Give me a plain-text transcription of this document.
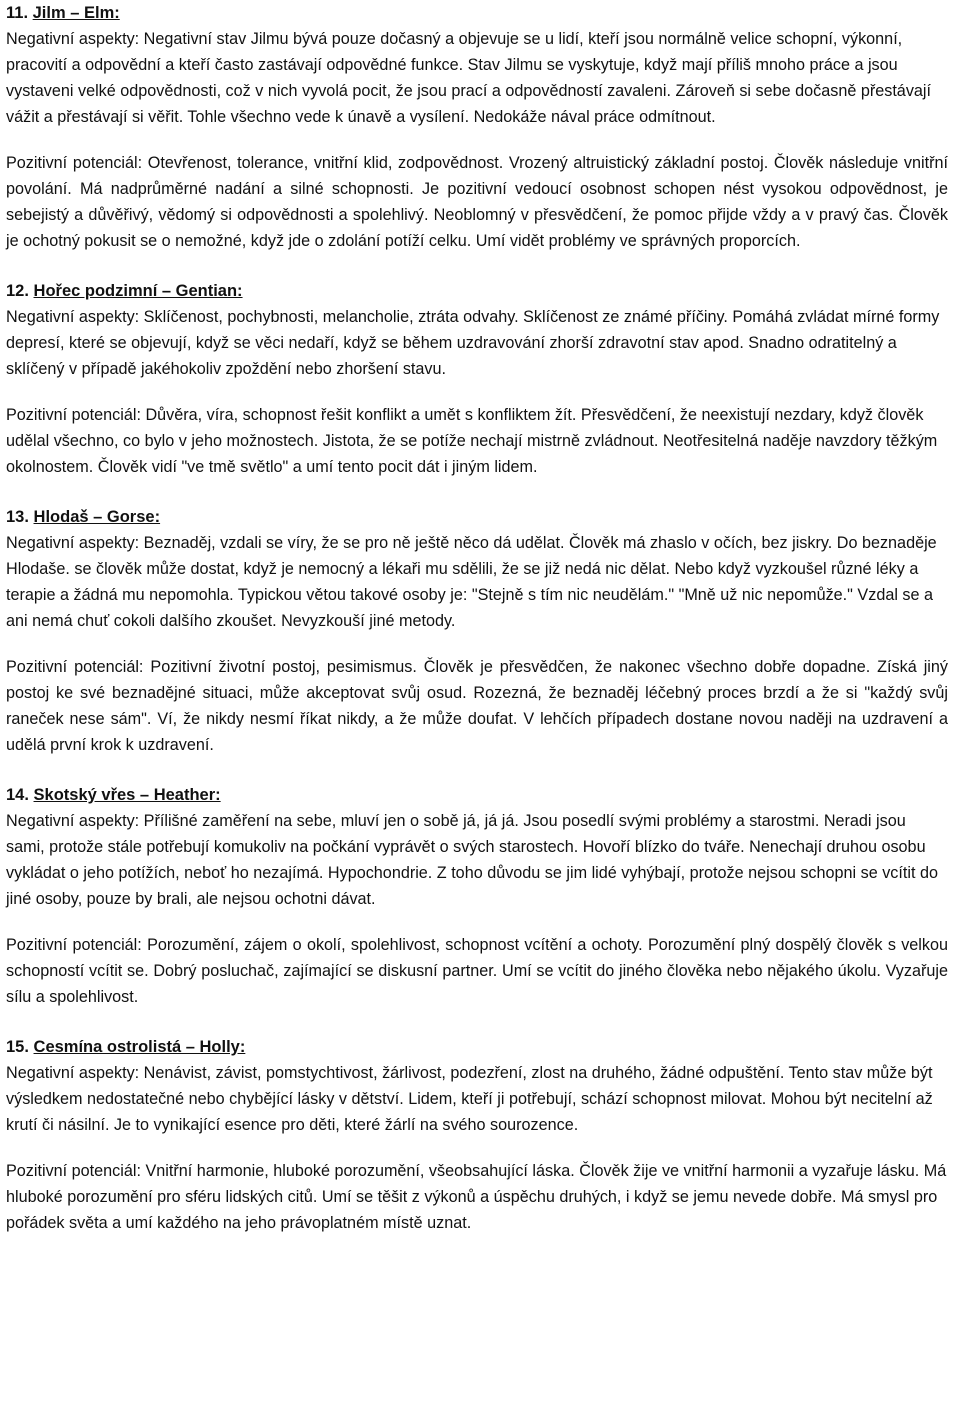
11. Jilm – Elm:

Negativní aspekty: Negativní stav Jilmu bývá pouze dočasný a objevuje se u lidí, kteří jsou normálně velice schopní, výkonní, pracovití a odpovědní a kteří často zastávají odpovědné funkce. Stav Jilmu se vyskytuje, když mají příliš mnoho práce a jsou vystaveni velké odpovědnosti, což v nich vyvolá pocit, že jsou prací a odpovědností zavaleni. Zároveň si sebe dočasně přestávají vážit a přestávají si věřit. Tohle všechno vede k únavě a vysílení. Nedokáže nával práce odmítnout.

Pozitivní potenciál: Otevřenost, tolerance, vnitřní klid, zodpovědnost. Vrozený altruistický základní postoj. Člověk následuje vnitřní povolání. Má nadprůměrné nadání a silné schopnosti. Je pozitivní vedoucí osobnost schopen nést vysokou odpovědnost, je sebejistý a důvěřivý, vědomý si odpovědnosti a spolehlivý. Neoblomný v přesvědčení, že pomoc přijde vždy a v pravý čas. Člověk je ochotný pokusit se o nemožné, když jde o zdolání potíží celku. Umí vidět problémy ve správných proporcích.

12. Hořec podzimní – Gentian:

Negativní aspekty: Sklíčenost, pochybnosti, melancholie, ztráta odvahy. Sklíčenost ze známé příčiny. Pomáhá zvládat mírné formy depresí, které se objevují, když se věci nedaří, když se během uzdravování zhorší zdravotní stav apod. Snadno odratitelný a sklíčený v případě jakéhokoliv zpoždění nebo zhoršení stavu.

Pozitivní potenciál: Důvěra, víra, schopnost řešit konflikt a umět s konfliktem žít. Přesvědčení, že neexistují nezdary, když člověk udělal všechno, co bylo v jeho možnostech. Jistota, že se potíže nechají mistrně zvládnout. Neotřesitelná naděje navzdory těžkým okolnostem. Člověk vidí "ve tmě světlo" a umí tento pocit dát i jiným lidem.

13. Hlodaš – Gorse:

Negativní aspekty: Beznaděj, vzdali se víry, že se pro ně ještě něco dá udělat. Člověk má zhaslo v očích, bez jiskry. Do beznaděje Hlodaše. se člověk může dostat, když je nemocný a lékaři mu sdělili, že se již nedá nic dělat. Nebo když vyzkoušel různé léky a terapie a žádná mu nepomohla. Typickou větou takové osoby je: "Stejně s tím nic neudělám." "Mně už nic nepomůže." Vzdal se a ani nemá chuť cokoli dalšího zkoušet. Nevyzkouší jiné metody.

Pozitivní potenciál: Pozitivní životní postoj, pesimismus. Člověk je přesvědčen, že nakonec všechno dobře dopadne. Získá jiný postoj ke své beznadějné situaci, může akceptovat svůj osud. Rozezná, že beznaděj léčebný proces brzdí a že si "každý svůj raneček nese sám". Ví, že nikdy nesmí říkat nikdy, a že může doufat. V lehčích případech dostane novou naději na uzdravení a udělá první krok k uzdravení.

14. Skotský vřes – Heather:

Negativní aspekty: Přílišné zaměření na sebe, mluví jen o sobě já, já já. Jsou posedlí svými problémy a starostmi. Neradi jsou sami, protože stále potřebují komukoliv na počkání vyprávět o svých starostech. Hovoří blízko do tváře. Nenechají druhou osobu vykládat o jeho potížích, neboť ho nezajímá. Hypochondrie. Z toho důvodu se jim lidé vyhýbají, protože nejsou schopni se vcítit do jiné osoby, pouze by brali, ale nejsou ochotni dávat.

Pozitivní potenciál: Porozumění, zájem o okolí, spolehlivost, schopnost vcítění a ochoty. Porozumění plný dospělý člověk s velkou schopností vcítit se. Dobrý posluchač, zajímající se diskusní partner. Umí se vcítit do jiného člověka nebo nějakého úkolu. Vyzařuje sílu a spolehlivost.

15. Cesmína ostrolistá – Holly:

Negativní aspekty: Nenávist, závist, pomstychtivost, žárlivost, podezření, zlost na druhého, žádné odpuštění. Tento stav může být výsledkem nedostatečné nebo chybějící lásky v dětství. Lidem, kteří ji potřebují, schází schopnost milovat. Mohou být necitelní až krutí či násilní. Je to vynikající esence pro děti, které žárlí na svého sourozence.

Pozitivní potenciál: Vnitřní harmonie, hluboké porozumění, všeobsahující láska. Člověk žije ve vnitřní harmonii a vyzařuje lásku. Má hluboké porozumění pro sféru lidských citů. Umí se těšit z výkonů a úspěchu druhých, i když se jemu nevede dobře. Má smysl pro pořádek světa a umí každého na jeho právoplatném místě uznat.
